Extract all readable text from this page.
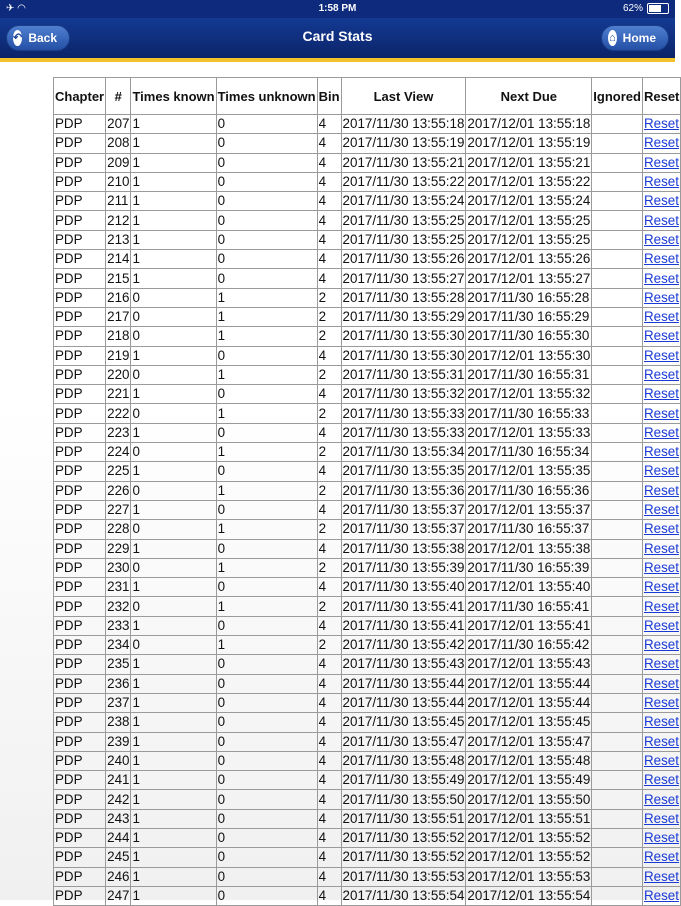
✈ ◠	1:58 PM	62%
↶ Back	Card Stats	⌂ Home
Chapter	#	Times known	Times unknown	Bin	Last View	Next Due	Ignored	Reset
PDP	207	1	0	4	2017/11/30 13:55:18	2017/12/01 13:55:18		Reset
PDP	208	1	0	4	2017/11/30 13:55:19	2017/12/01 13:55:19		Reset
PDP	209	1	0	4	2017/11/30 13:55:21	2017/12/01 13:55:21		Reset
PDP	210	1	0	4	2017/11/30 13:55:22	2017/12/01 13:55:22		Reset
PDP	211	1	0	4	2017/11/30 13:55:24	2017/12/01 13:55:24		Reset
PDP	212	1	0	4	2017/11/30 13:55:25	2017/12/01 13:55:25		Reset
PDP	213	1	0	4	2017/11/30 13:55:25	2017/12/01 13:55:25		Reset
PDP	214	1	0	4	2017/11/30 13:55:26	2017/12/01 13:55:26		Reset
PDP	215	1	0	4	2017/11/30 13:55:27	2017/12/01 13:55:27		Reset
PDP	216	0	1	2	2017/11/30 13:55:28	2017/11/30 16:55:28		Reset
PDP	217	0	1	2	2017/11/30 13:55:29	2017/11/30 16:55:29		Reset
PDP	218	0	1	2	2017/11/30 13:55:30	2017/11/30 16:55:30		Reset
PDP	219	1	0	4	2017/11/30 13:55:30	2017/12/01 13:55:30		Reset
PDP	220	0	1	2	2017/11/30 13:55:31	2017/11/30 16:55:31		Reset
PDP	221	1	0	4	2017/11/30 13:55:32	2017/12/01 13:55:32		Reset
PDP	222	0	1	2	2017/11/30 13:55:33	2017/11/30 16:55:33		Reset
PDP	223	1	0	4	2017/11/30 13:55:33	2017/12/01 13:55:33		Reset
PDP	224	0	1	2	2017/11/30 13:55:34	2017/11/30 16:55:34		Reset
PDP	225	1	0	4	2017/11/30 13:55:35	2017/12/01 13:55:35		Reset
PDP	226	0	1	2	2017/11/30 13:55:36	2017/11/30 16:55:36		Reset
PDP	227	1	0	4	2017/11/30 13:55:37	2017/12/01 13:55:37		Reset
PDP	228	0	1	2	2017/11/30 13:55:37	2017/11/30 16:55:37		Reset
PDP	229	1	0	4	2017/11/30 13:55:38	2017/12/01 13:55:38		Reset
PDP	230	0	1	2	2017/11/30 13:55:39	2017/11/30 16:55:39		Reset
PDP	231	1	0	4	2017/11/30 13:55:40	2017/12/01 13:55:40		Reset
PDP	232	0	1	2	2017/11/30 13:55:41	2017/11/30 16:55:41		Reset
PDP	233	1	0	4	2017/11/30 13:55:41	2017/12/01 13:55:41		Reset
PDP	234	0	1	2	2017/11/30 13:55:42	2017/11/30 16:55:42		Reset
PDP	235	1	0	4	2017/11/30 13:55:43	2017/12/01 13:55:43		Reset
PDP	236	1	0	4	2017/11/30 13:55:44	2017/12/01 13:55:44		Reset
PDP	237	1	0	4	2017/11/30 13:55:44	2017/12/01 13:55:44		Reset
PDP	238	1	0	4	2017/11/30 13:55:45	2017/12/01 13:55:45		Reset
PDP	239	1	0	4	2017/11/30 13:55:47	2017/12/01 13:55:47		Reset
PDP	240	1	0	4	2017/11/30 13:55:48	2017/12/01 13:55:48		Reset
PDP	241	1	0	4	2017/11/30 13:55:49	2017/12/01 13:55:49		Reset
PDP	242	1	0	4	2017/11/30 13:55:50	2017/12/01 13:55:50		Reset
PDP	243	1	0	4	2017/11/30 13:55:51	2017/12/01 13:55:51		Reset
PDP	244	1	0	4	2017/11/30 13:55:52	2017/12/01 13:55:52		Reset
PDP	245	1	0	4	2017/11/30 13:55:52	2017/12/01 13:55:52		Reset
PDP	246	1	0	4	2017/11/30 13:55:53	2017/12/01 13:55:53		Reset
PDP	247	1	0	4	2017/11/30 13:55:54	2017/12/01 13:55:54		Reset
